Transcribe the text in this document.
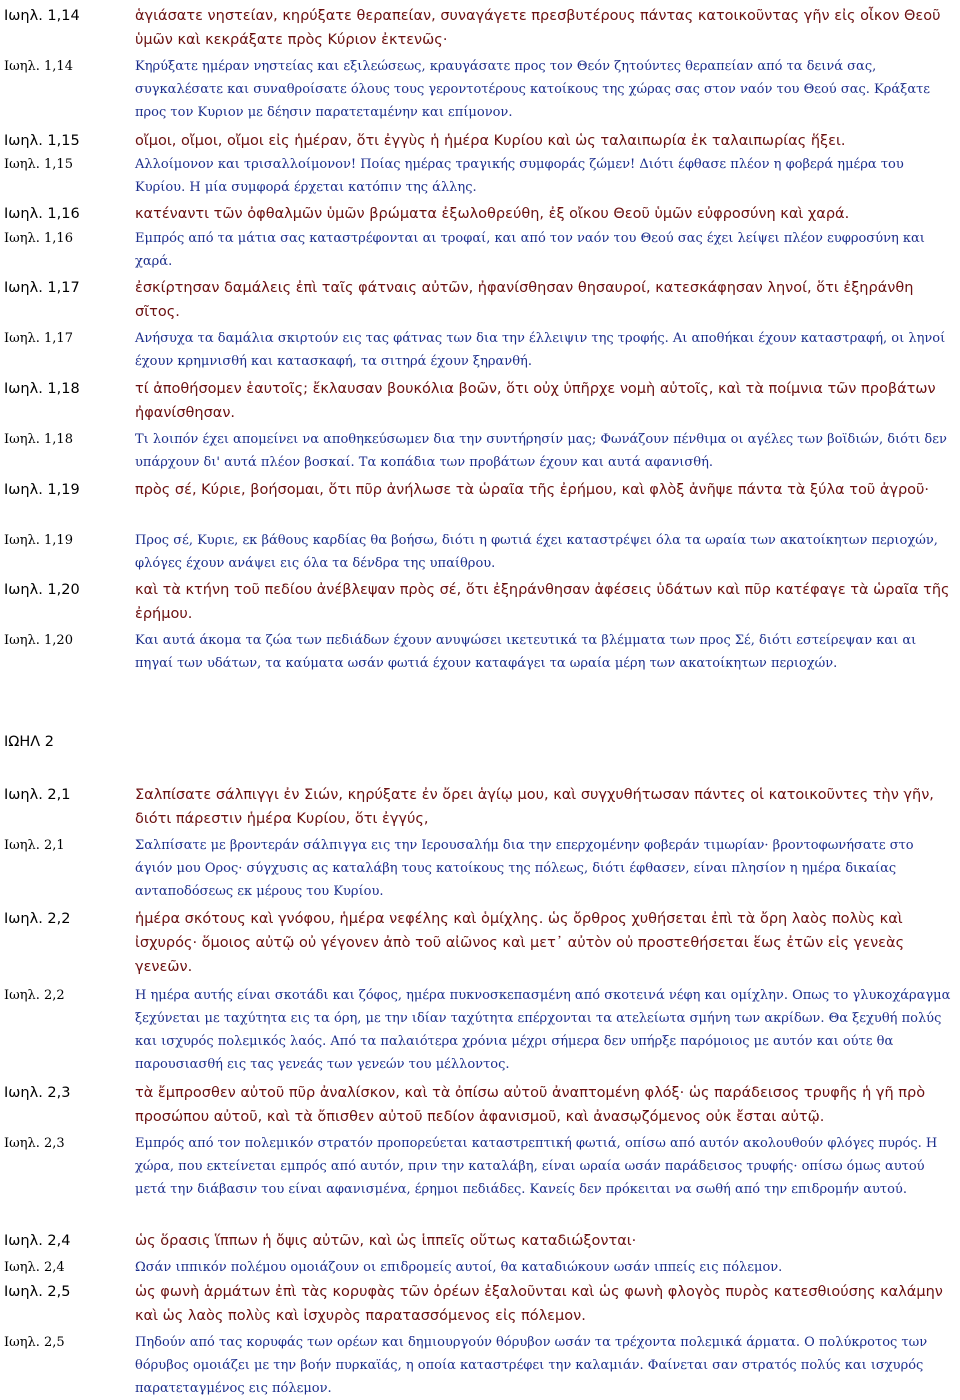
Ιωηλ. 1,14	ἁγιάσατε νηστείαν, κηρύξατε θεραπείαν, συναγάγετε πρεσβυτέρους πάντας κατοικοῦντας γῆν εἰς οἶκον Θεοῦ ὑμῶν καὶ κεκράξατε πρὸς Κύριον ἐκτενῶς·
Ιωηλ. 1,14	Κηρύξατε ημέραν νηστείας και εξιλεώσεως, κραυγάσατε προς τον Θεόν ζητούντες θεραπείαν από τα δεινά σας, συγκαλέσατε και συναθροίσατε όλους τους γεροντοτέρους κατοίκους της χώρας σας στον ναόν του Θεού σας. Κράξατε προς τον Κυριον με δέησιν παρατεταμένην και επίμονον.
Ιωηλ. 1,15	οἴμοι, οἴμοι, οἴμοι εἰς ἡμέραν, ὅτι ἐγγὺς ἡ ἡμέρα Κυρίου καὶ ὡς ταλαιπωρία ἐκ ταλαιπωρίας ἥξει.
Ιωηλ. 1,15	Αλλοίμονον και τρισαλλοίμονον! Ποίας ημέρας τραγικής συμφοράς ζώμεν! Διότι έφθασε πλέον η φοβερά ημέρα του Κυρίου. Η μία συμφορά έρχεται κατόπιν της άλλης.
Ιωηλ. 1,16	κατέναντι τῶν ὀφθαλμῶν ὑμῶν βρώματα ἐξωλοθρεύθη, ἐξ οἴκου Θεοῦ ὑμῶν εὐφροσύνη καὶ χαρά.
Ιωηλ. 1,16	Εμπρός από τα μάτια σας καταστρέφονται αι τροφαί, και από τον ναόν του Θεού σας έχει λείψει πλέον ευφροσύνη και χαρά.
Ιωηλ. 1,17	ἐσκίρτησαν δαμάλεις ἐπὶ ταῖς φάτναις αὐτῶν, ἠφανίσθησαν θησαυροί, κατεσκάφησαν ληνοί, ὅτι ἐξηράνθη σῖτος.
Ιωηλ. 1,17	Ανήσυχα τα δαμάλια σκιρτούν εις τας φάτνας των δια την έλλειψιν της τροφής. Αι αποθήκαι έχουν καταστραφή, οι ληνοί έχουν κρημνισθή και κατασκαφή, τα σιτηρά έχουν ξηρανθή.
Ιωηλ. 1,18	τί ἀποθήσομεν ἑαυτοῖς; ἔκλαυσαν βουκόλια βοῶν, ὅτι οὐχ ὑπῆρχε νομὴ αὐτοῖς, καὶ τὰ ποίμνια τῶν προβάτων ἠφανίσθησαν.
Ιωηλ. 1,18	Τι λοιπόν έχει απομείνει να αποθηκεύσωμεν δια την συντήρησίν μας; Φωνάζουν πένθιμα οι αγέλες των βοϊδιών, διότι δεν υπάρχουν δι' αυτά πλέον βοσκαί. Τα κοπάδια των προβάτων έχουν και αυτά αφανισθή.
Ιωηλ. 1,19	πρὸς σέ, Κύριε, βοήσομαι, ὅτι πῦρ ἀνήλωσε τὰ ὡραῖα τῆς ἐρήμου, καὶ φλὸξ ἀνῆψε πάντα τὰ ξύλα τοῦ ἀγροῦ·
Ιωηλ. 1,19	Προς σέ, Κυριε, εκ βάθους καρδίας θα βοήσω, διότι η φωτιά έχει καταστρέψει όλα τα ωραία των ακατοίκητων περιοχών, φλόγες έχουν ανάψει εις όλα τα δένδρα της υπαίθρου.
Ιωηλ. 1,20	καὶ τὰ κτήνη τοῦ πεδίου ἀνέβλεψαν πρὸς σέ, ὅτι ἐξηράνθησαν ἀφέσεις ὑδάτων καὶ πῦρ κατέφαγε τὰ ὡραῖα τῆς ἐρήμου.
Ιωηλ. 1,20	Και αυτά άκομα τα ζώα των πεδιάδων έχουν ανυψώσει ικετευτικά τα βλέμματα των προς Σέ, διότι εστείρεψαν και αι πηγαί των υδάτων, τα καύματα ωσάν φωτιά έχουν καταφάγει τα ωραία μέρη των ακατοίκητων περιοχών.
ΙΩΗΛ 2
Ιωηλ. 2,1	Σαλπίσατε σάλπιγγι ἐν Σιών, κηρύξατε ἐν ὄρει ἁγίῳ μου, καὶ συγχυθήτωσαν πάντες οἱ κατοικοῦντες τὴν γῆν, διότι πάρεστιν ἡμέρα Κυρίου, ὅτι ἐγγύς,
Ιωηλ. 2,1	Σαλπίσατε με βροντεράν σάλπιγγα εις την Ιερουσαλήμ δια την επερχομένην φοβεράν τιμωρίαν· βροντοφωνήσατε στο άγιόν μου Ορος· σύγχυσις ας καταλάβη τους κατοίκους της πόλεως, διότι έφθασεν, είναι πλησίον η ημέρα δικαίας ανταποδόσεως εκ μέρους του Κυρίου.
Ιωηλ. 2,2	ἡμέρα σκότους καὶ γνόφου, ἡμέρα νεφέλης καὶ ὁμίχλης. ὡς ὄρθρος χυθήσεται ἐπὶ τὰ ὄρη λαὸς πολὺς καὶ ἰσχυρός· ὅμοιος αὐτῷ οὐ γέγονεν ἀπὸ τοῦ αἰῶνος καὶ μετ᾿ αὐτὸν οὐ προστεθήσεται ἕως ἐτῶν εἰς γενεὰς γενεῶν.
Ιωηλ. 2,2	Η ημέρα αυτής είναι σκοτάδι και ζόφος, ημέρα πυκνοσκεπασμένη από σκοτεινά νέφη και ομίχλην. Οπως το γλυκοχάραγμα ξεχύνεται με ταχύτητα εις τα όρη, με την ιδίαν ταχύτητα επέρχονται τα ατελείωτα σμήνη των ακρίδων. Θα ξεχυθή πολύς και ισχυρός πολεμικός λαός. Από τα παλαιότερα χρόνια μέχρι σήμερα δεν υπήρξε παρόμοιος με αυτόν και ούτε θα παρουσιασθή εις τας γενεάς των γενεών του μέλλοντος.
Ιωηλ. 2,3	τὰ ἔμπροσθεν αὐτοῦ πῦρ ἀναλίσκον, καὶ τὰ ὀπίσω αὐτοῦ ἀναπτομένη φλόξ· ὡς παράδεισος τρυφῆς ἡ γῆ πρὸ προσώπου αὐτοῦ, καὶ τὰ ὄπισθεν αὐτοῦ πεδίον ἀφανισμοῦ, καὶ ἀνασῳζόμενος οὐκ ἔσται αὐτῷ.
Ιωηλ. 2,3	Εμπρός από τον πολεμικόν στρατόν προπορεύεται καταστρεπτική φωτιά, οπίσω από αυτόν ακολουθούν φλόγες πυρός. Η χώρα, που εκτείνεται εμπρός από αυτόν, πριν την καταλάβη, είναι ωραία ωσάν παράδεισος τρυφής· οπίσω όμως αυτού μετά την διάβασιν του είναι αφανισμένα, έρημοι πεδιάδες. Κανείς δεν πρόκειται να σωθή από την επιδρομήν αυτού.
Ιωηλ. 2,4	ὡς ὅρασις ἵππων ἡ ὄψις αὐτῶν, καὶ ὡς ἱππεῖς οὕτως καταδιώξονται·
Ιωηλ. 2,4	Ωσάν ιππικόν πολέμου ομοιάζουν οι επιδρομείς αυτοί, θα καταδιώκουν ωσάν ιππείς εις πόλεμον.
Ιωηλ. 2,5	ὡς φωνὴ ἁρμάτων ἐπὶ τὰς κορυφὰς τῶν ὀρέων ἐξαλοῦνται καὶ ὡς φωνὴ φλογὸς πυρὸς κατεσθιούσης καλάμην καὶ ὡς λαὸς πολὺς καὶ ἰσχυρὸς παρατασσόμενος εἰς πόλεμον.
Ιωηλ. 2,5	Πηδούν από τας κορυφάς των ορέων και δημιουργούν θόρυβον ωσάν τα τρέχοντα πολεμικά άρματα. Ο πολύκροτος των θόρυβος ομοιάζει με την βοήν πυρκαϊάς, η οποία καταστρέφει την καλαμιάν. Φαίνεται σαν στρατός πολύς και ισχυρός παρατεταγμένος εις πόλεμον.
